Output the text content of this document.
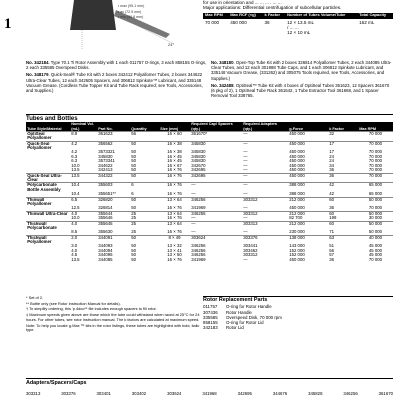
1
Axis of Rotation	r max (95.1 mm)
r av (72.9 mm)
r min (50.8 mm)
24°
for use in orientation and ... ... ... . ... ...
Major applications: Differential centrifugation of subcellular particles.
Max RPM	Max RCF (×g)	k Factor	Number of Tubes Volume/Tube	Total Capacity
70 000	450 000	36	12 × 13.5 mL
/ ... ...
12 × 10 mL	162 mL

No. 342184. Type 70.1 Ti Rotor Assembly with 1 each 011757 O-rings, 3 each 858155 O-rings, 2 each 335585 Overspeed Disks.

No. 348179. Quick-Seal® Tube Kit with 2 boxes 342412 Polyallomer Tubes, 2 boxes 344622 Ultra-Clear Tubes, 12 each 342605 Spacers, and 306812 Spinkote™ Lubricant, and 335148 Vacuum Grease. (Cordless Tube Topper Kit and Tube Rack required; see Tools, Accessories, and Supplies.)

No. 348180. Open-Top Tube Kit with 2 boxes 326814 Polyallomer Tubes, 2 each 344085 Ultra-Clear Tubes, and 12 each 301988 Tube Caps, and 1 each 306812 Spinkote Lubricant, and 335148 Vacuum Grease, (331262) and 305075 Tools required, see Tools, Accessories, and Supplies.)

No. 342488. OptiSeal™ Tube Kit with 4 boxes of OptiSeal Tubes 361623, 12 Spacers 361670 (6 pkg of 2), 1 OptiSeal Tube Rack 361642, 1 Tube Extractor Tool 361668, and 1 Spacer Removal Tool 338765.

Tubes and Bottles
Tube Style/Material	Nominal Vol. (mL)	Part No.	Quantity	Size (mm)	Required Cap/ Spacers (qty.)	Required Adapters (qty.)	g-Force	k Factor	Max RPM
OptiSeal Polyallomer	8.9	361623	56	16 × 60	361670*	—	450 000	32	70 000
Quick-Seal Polyallomer	4.2	356562	50	16 × 38	345830	—	450 000	17	70 000
	4.2	3573321	50	16 × 38	345830	—	450 000	17	70 000
	6.3	345830	50	16 × 45	345830	—	450 000	24	70 000
	6.3	3573341	50	16 × 45	345830	—	450 000	24	70 000
	10.0	344622	50	16 × 67	342670	—	450 000	34	70 000
	13.5	342413	50	16 × 76	342695	—	450 000	36	70 000
Quick-Seal Ultra-Clear	13.5	344322	50	16 × 76	342695	—	450 000	36	70 000
Polycarbonate Bottle Assembly	10.4	355603	6	16 × 76	—	—	388 000	42	65 000
	10.4	355651**	6	16 × 76	—	—	388 000	42	65 000
Thinwall Polyallomer	6.5	326820	50	13 × 64	346256	303312	212 000	60	50 000
	12.5	326814	50	16 × 76	341969	—	450 000	36	70 000
Thinwall Ultra-Clear	4.0	355644	25	13 × 64	346256	303312	212 000	60	50 000
	10.0	355646	25	16 × 76	—	—	82 700	199	30 000
Thickwall Polycarbonate	4.0	355645	25	13 × 64	—	303313	212 000	60	50 000
	8.5	355630	25	16 × 76	—	—	230 000	71	50 000
Thickwall Polyallomer	2.0	344091	50	8 × 49	303624	303376	138 000	63	40 000
	3.0	344093	50	13 × 32	346256	303441	143 000	51	45 000
	4.0	344094	50	13 × 41	346256	303462	152 000	56	45 000
	4.5	344095	50	13 × 50	346256	303312	152 000	57	45 000
	13.5	344085	50	16 × 76	341969	—	450 000	36	70 000

* Set of 2.

** Bottle only (see Rotor Instruction Manual for details).

† To simplify ordering, this 'p.4doc** file includes enough spacers to fill rotor.

‡ Maximum speeds given above are those which the tube could withstand when raced at 25°C for 24 hours. For other tubes, see rotor instruction manual. The k factors are calculated at maximum speed.

Note: To help you locate g-Max ™ kits in the rotor listings, these tubes are highlighted with bold, italic type.

Rotor Replacement Parts
011757 O-ring for Rotor Handle
307436 Rotor Handle
335585 Overspeed Disk, 70 000 rpm
858155 O-ring for Rotor Lid
342183 Rotor Lid
Adapters/Spacers/Caps
303313	303376	303401	303402	303624	341968	342695	344676	345828	346256	361670
